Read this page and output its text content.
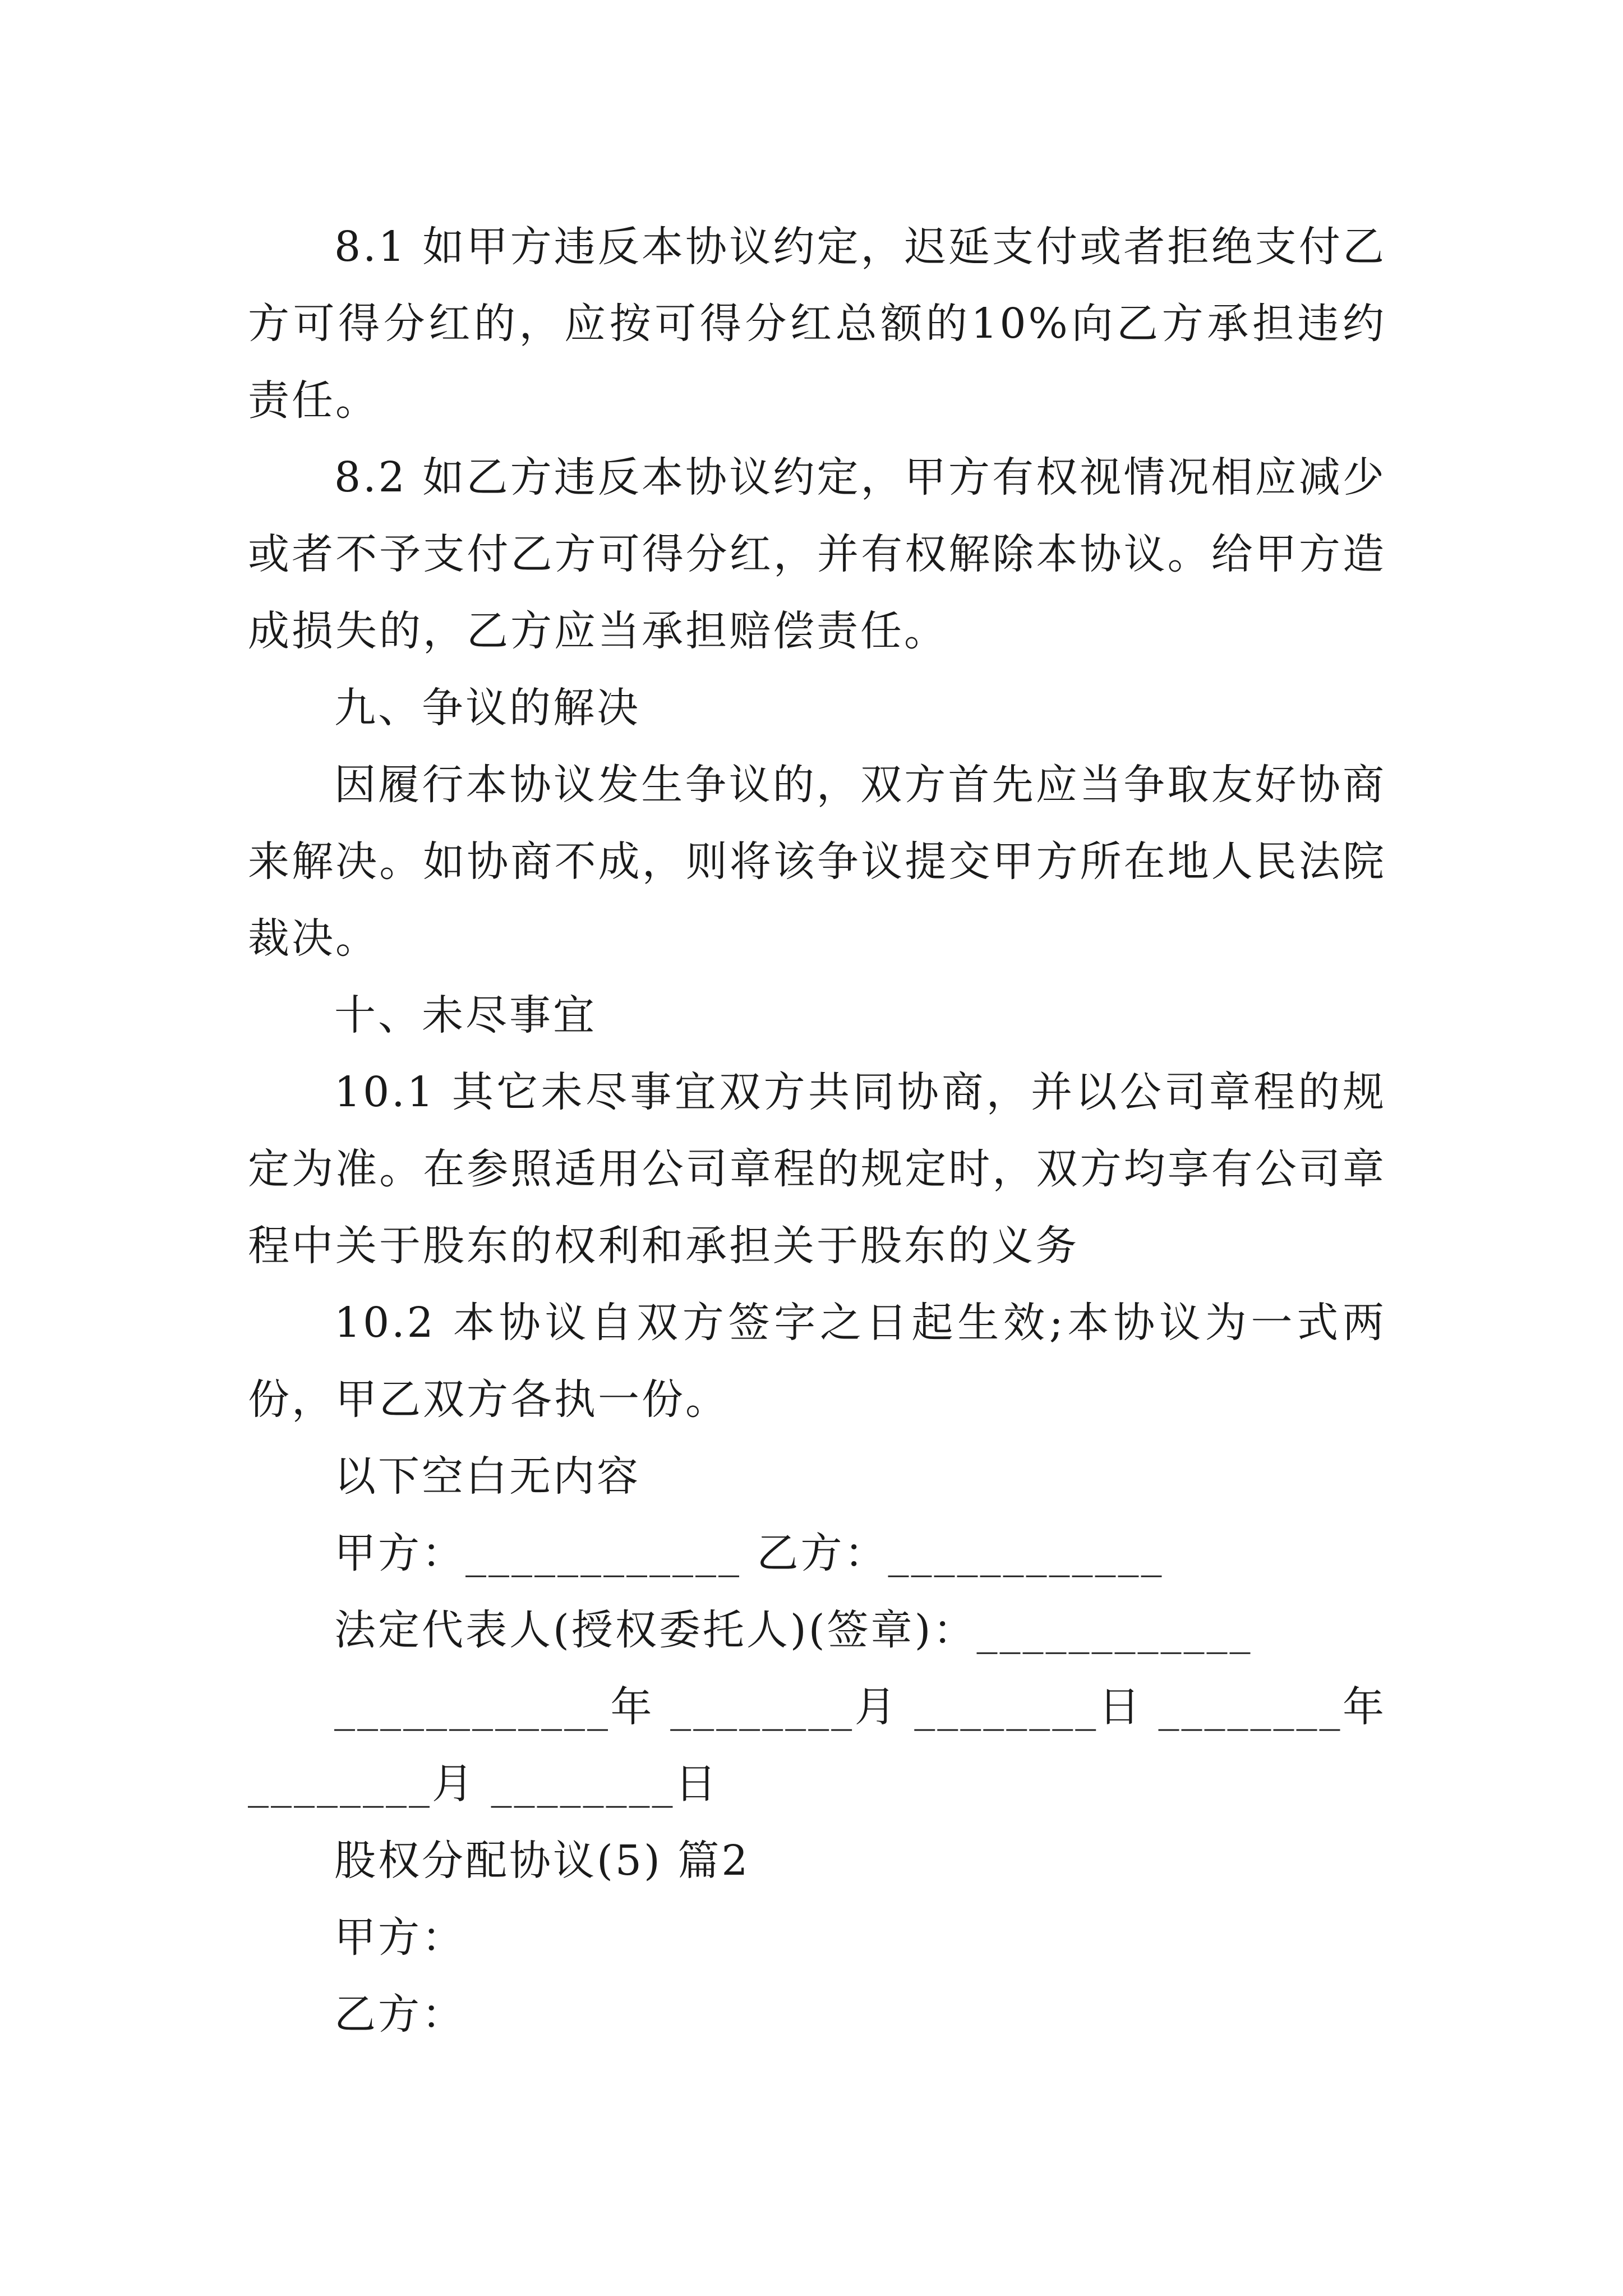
8.1 如甲方违反本协议约定，迟延支付或者拒绝支付乙方可得分红的，应按可得分红总额的10%向乙方承担违约责任。

8.2 如乙方违反本协议约定，甲方有权视情况相应减少或者不予支付乙方可得分红，并有权解除本协议。给甲方造成损失的，乙方应当承担赔偿责任。

九、争议的解决

因履行本协议发生争议的，双方首先应当争取友好协商来解决。如协商不成，则将该争议提交甲方所在地人民法院裁决。

十、未尽事宜

10.1 其它未尽事宜双方共同协商，并以公司章程的规定为准。在参照适用公司章程的规定时，双方均享有公司章程中关于股东的权利和承担关于股东的义务

10.2 本协议自双方签字之日起生效;本协议为一式两份，甲乙双方各执一份。

以下空白无内容

甲方：____________ 乙方：____________

法定代表人(授权委托人)(签章)：____________

____________年 ________月 ________日 ________年 ________月 ________日

股权分配协议(5) 篇2

甲方：

乙方：
